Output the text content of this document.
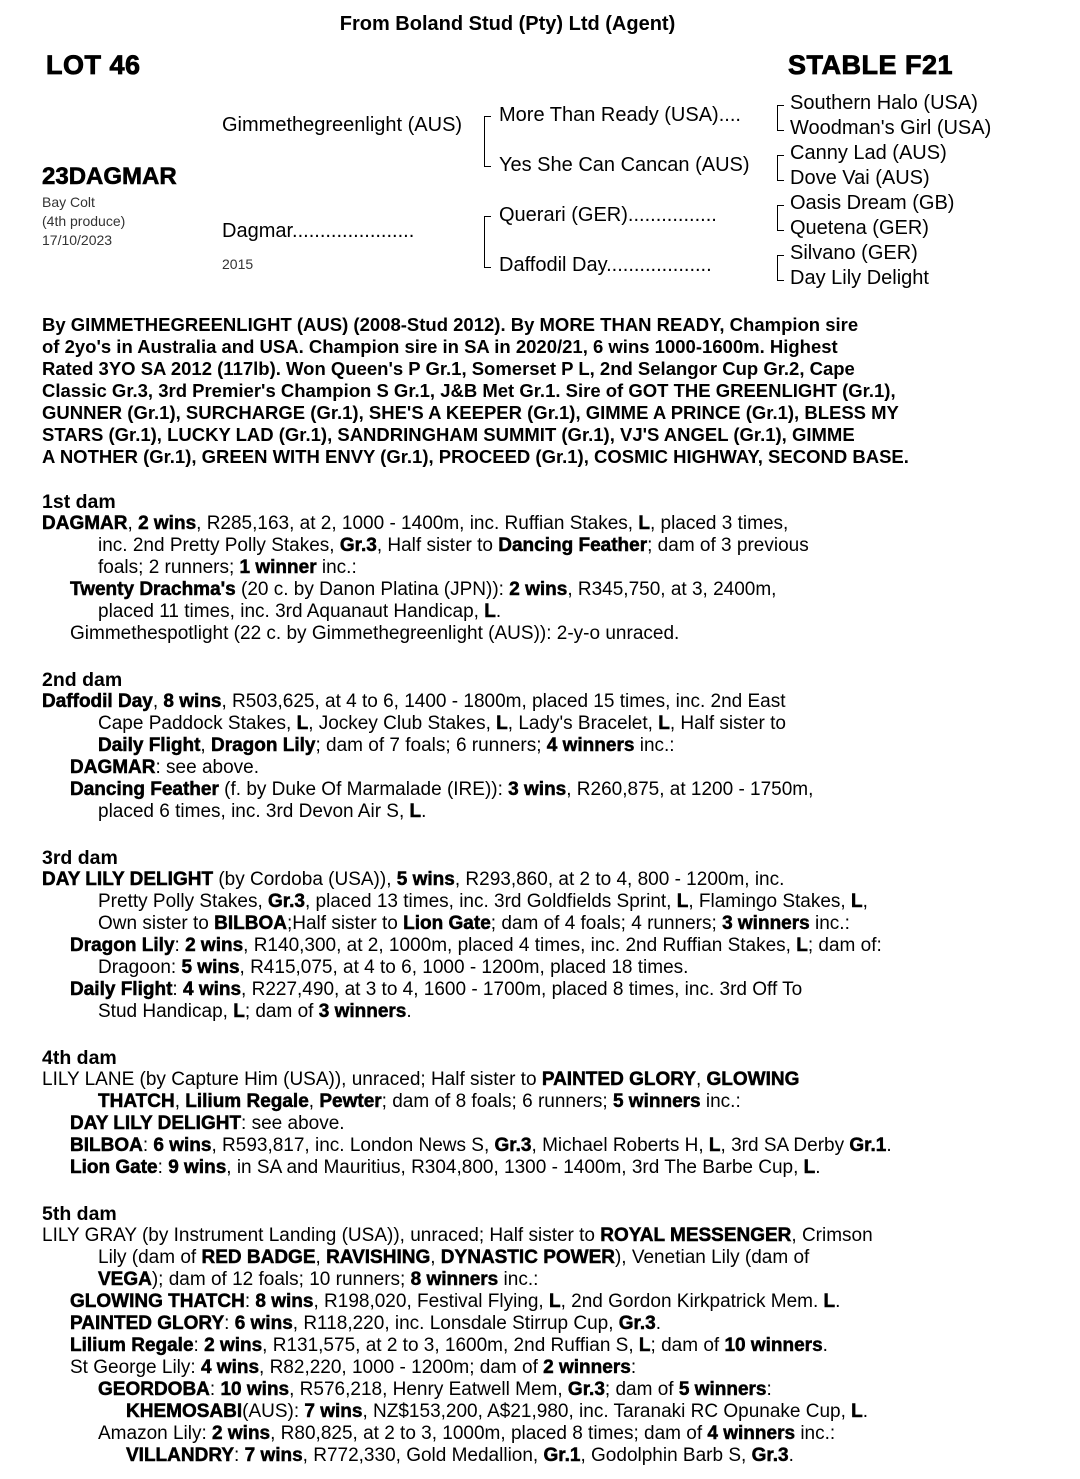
From Boland Stud (Pty) Ltd (Agent)
LOT 46	STABLE F21
23DAGMAR
Bay Colt
(4th produce)
17/10/2023
Gimmethegreenlight (AUS)
Dagmar......................
2015
More Than Ready (USA)....
Yes She Can Cancan (AUS)
Querari (GER)................
Daffodil Day...................
Southern Halo (USA)
Woodman's Girl (USA)
Canny Lad (AUS)
Dove Vai (AUS)
Oasis Dream (GB)
Quetena (GER)
Silvano (GER)
Day Lily Delight
By GIMMETHEGREENLIGHT (AUS) (2008-Stud 2012). By MORE THAN READY, Champion sire
of 2yo's in Australia and USA. Champion sire in SA in 2020/21, 6 wins 1000-1600m. Highest
Rated 3YO SA 2012 (117lb). Won Queen's P Gr.1, Somerset P L, 2nd Selangor Cup Gr.2, Cape
Classic Gr.3, 3rd Premier's Champion S Gr.1, J&B Met Gr.1. Sire of GOT THE GREENLIGHT (Gr.1),
GUNNER (Gr.1), SURCHARGE (Gr.1), SHE'S A KEEPER (Gr.1), GIMME A PRINCE (Gr.1), BLESS MY
STARS (Gr.1), LUCKY LAD (Gr.1), SANDRINGHAM SUMMIT (Gr.1), VJ'S ANGEL (Gr.1), GIMME
A NOTHER (Gr.1), GREEN WITH ENVY (Gr.1), PROCEED (Gr.1), COSMIC HIGHWAY, SECOND BASE.
1st dam
DAGMAR, 2 wins, R285,163, at 2, 1000 - 1400m, inc. Ruffian Stakes, L, placed 3 times,
inc. 2nd Pretty Polly Stakes, Gr.3, Half sister to Dancing Feather; dam of 3 previous
foals; 2 runners; 1 winner inc.:
Twenty Drachma's (20 c. by Danon Platina (JPN)): 2 wins, R345,750, at 3, 2400m,
placed 11 times, inc. 3rd Aquanaut Handicap, L.
Gimmethespotlight (22 c. by Gimmethegreenlight (AUS)): 2-y-o unraced.
2nd dam
Daffodil Day, 8 wins, R503,625, at 4 to 6, 1400 - 1800m, placed 15 times, inc. 2nd East
Cape Paddock Stakes, L, Jockey Club Stakes, L, Lady's Bracelet, L, Half sister to
Daily Flight, Dragon Lily; dam of 7 foals; 6 runners; 4 winners inc.:
DAGMAR: see above.
Dancing Feather (f. by Duke Of Marmalade (IRE)): 3 wins, R260,875, at 1200 - 1750m,
placed 6 times, inc. 3rd Devon Air S, L.
3rd dam
DAY LILY DELIGHT (by Cordoba (USA)), 5 wins, R293,860, at 2 to 4, 800 - 1200m, inc.
Pretty Polly Stakes, Gr.3, placed 13 times, inc. 3rd Goldfields Sprint, L, Flamingo Stakes, L,
Own sister to BILBOA;Half sister to Lion Gate; dam of 4 foals; 4 runners; 3 winners inc.:
Dragon Lily: 2 wins, R140,300, at 2, 1000m, placed 4 times, inc. 2nd Ruffian Stakes, L; dam of:
Dragoon: 5 wins, R415,075, at 4 to 6, 1000 - 1200m, placed 18 times.
Daily Flight: 4 wins, R227,490, at 3 to 4, 1600 - 1700m, placed 8 times, inc. 3rd Off To
Stud Handicap, L; dam of 3 winners.
4th dam
LILY LANE (by Capture Him (USA)), unraced; Half sister to PAINTED GLORY, GLOWING
THATCH, Lilium Regale, Pewter; dam of 8 foals; 6 runners; 5 winners inc.:
DAY LILY DELIGHT: see above.
BILBOA: 6 wins, R593,817, inc. London News S, Gr.3, Michael Roberts H, L, 3rd SA Derby Gr.1.
Lion Gate: 9 wins, in SA and Mauritius, R304,800, 1300 - 1400m, 3rd The Barbe Cup, L.
5th dam
LILY GRAY (by Instrument Landing (USA)), unraced; Half sister to ROYAL MESSENGER, Crimson
Lily (dam of RED BADGE, RAVISHING, DYNASTIC POWER), Venetian Lily (dam of
VEGA); dam of 12 foals; 10 runners; 8 winners inc.:
GLOWING THATCH: 8 wins, R198,020, Festival Flying, L, 2nd Gordon Kirkpatrick Mem. L.
PAINTED GLORY: 6 wins, R118,220, inc. Lonsdale Stirrup Cup, Gr.3.
Lilium Regale: 2 wins, R131,575, at 2 to 3, 1600m, 2nd Ruffian S, L; dam of 10 winners.
St George Lily: 4 wins, R82,220, 1000 - 1200m; dam of 2 winners:
GEORDOBA: 10 wins, R576,218, Henry Eatwell Mem, Gr.3; dam of 5 winners:
KHEMOSABI(AUS): 7 wins, NZ$153,200, A$21,980, inc. Taranaki RC Opunake Cup, L.
Amazon Lily: 2 wins, R80,825, at 2 to 3, 1000m, placed 8 times; dam of 4 winners inc.:
VILLANDRY: 7 wins, R772,330, Gold Medallion, Gr.1, Godolphin Barb S, Gr.3.
